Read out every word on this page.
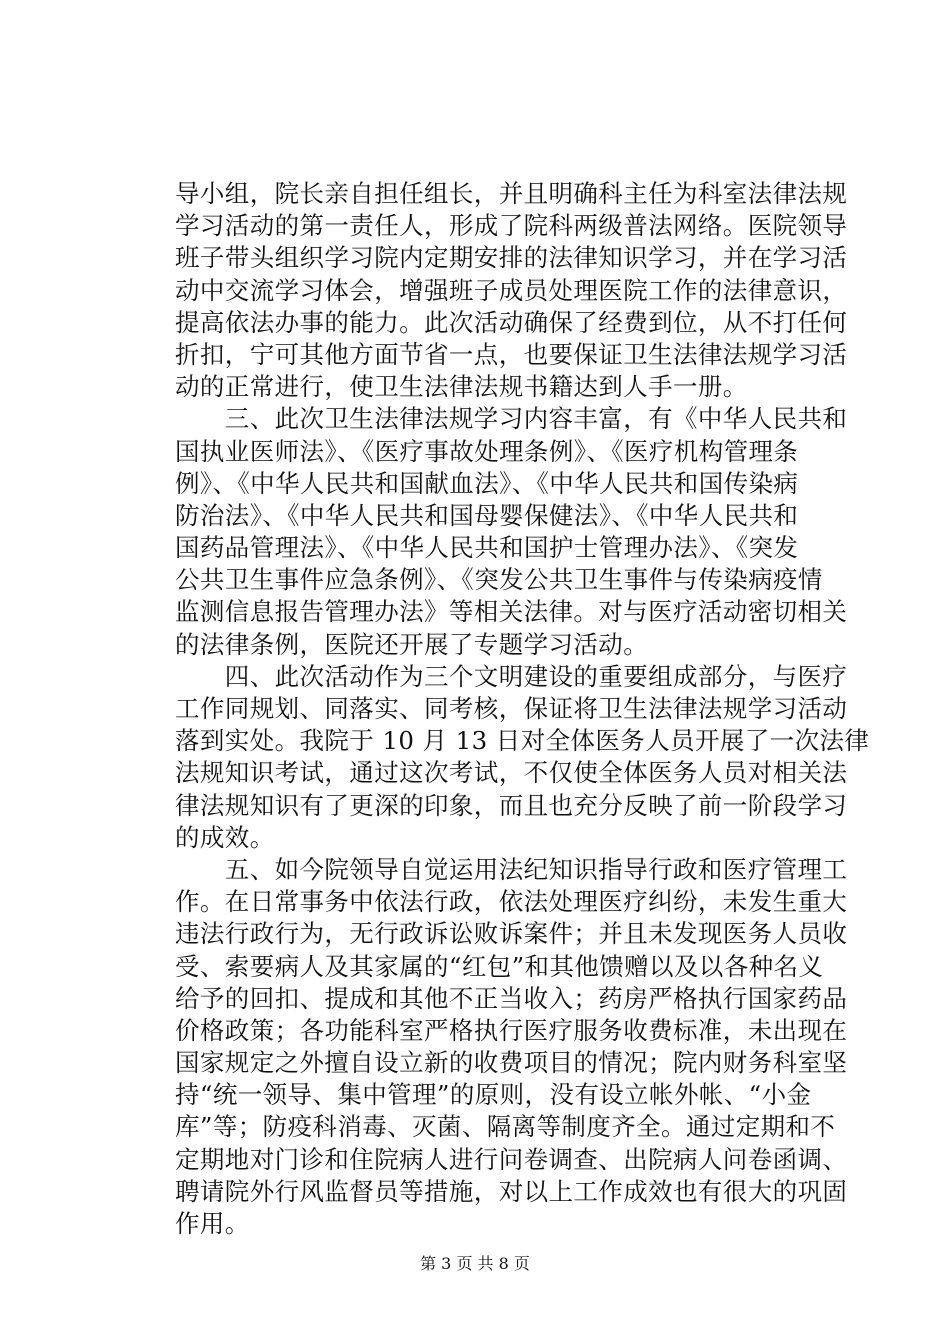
导小组，院长亲自担任组长，并且明确科主任为科室法律法规
学习活动的第一责任人，形成了院科两级普法网络。医院领导
班子带头组织学习院内定期安排的法律知识学习，并在学习活
动中交流学习体会，增强班子成员处理医院工作的法律意识，
提高依法办事的能力。此次活动确保了经费到位，从不打任何
折扣，宁可其他方面节省一点，也要保证卫生法律法规学习活
动的正常进行，使卫生法律法规书籍达到人手一册。
　　三、此次卫生法律法规学习内容丰富，有《中华人民共和
国执业医师法》、《医疗事故处理条例》、《医疗机构管理条
例》、《中华人民共和国献血法》、《中华人民共和国传染病
防治法》、《中华人民共和国母婴保健法》、《中华人民共和
国药品管理法》、《中华人民共和国护士管理办法》、《突发
公共卫生事件应急条例》、《突发公共卫生事件与传染病疫情
监测信息报告管理办法》等相关法律。对与医疗活动密切相关
的法律条例，医院还开展了专题学习活动。
　　四、此次活动作为三个文明建设的重要组成部分，与医疗
工作同规划、同落实、同考核，保证将卫生法律法规学习活动
落到实处。我院于 10 月 13 日对全体医务人员开展了一次法律
法规知识考试，通过这次考试，不仅使全体医务人员对相关法
律法规知识有了更深的印象，而且也充分反映了前一阶段学习
的成效。
　　五、如今院领导自觉运用法纪知识指导行政和医疗管理工
作。在日常事务中依法行政，依法处理医疗纠纷，未发生重大
违法行政行为，无行政诉讼败诉案件；并且未发现医务人员收
受、索要病人及其家属的“红包”和其他馈赠以及以各种名义
给予的回扣、提成和其他不正当收入；药房严格执行国家药品
价格政策；各功能科室严格执行医疗服务收费标准，未出现在
国家规定之外擅自设立新的收费项目的情况；院内财务科室坚
持“统一领导、集中管理”的原则，没有设立帐外帐、“小金
库”等；防疫科消毒、灭菌、隔离等制度齐全。通过定期和不
定期地对门诊和住院病人进行问卷调查、出院病人问卷函调、
聘请院外行风监督员等措施，对以上工作成效也有很大的巩固
作用。
第 3 页 共 8 页
